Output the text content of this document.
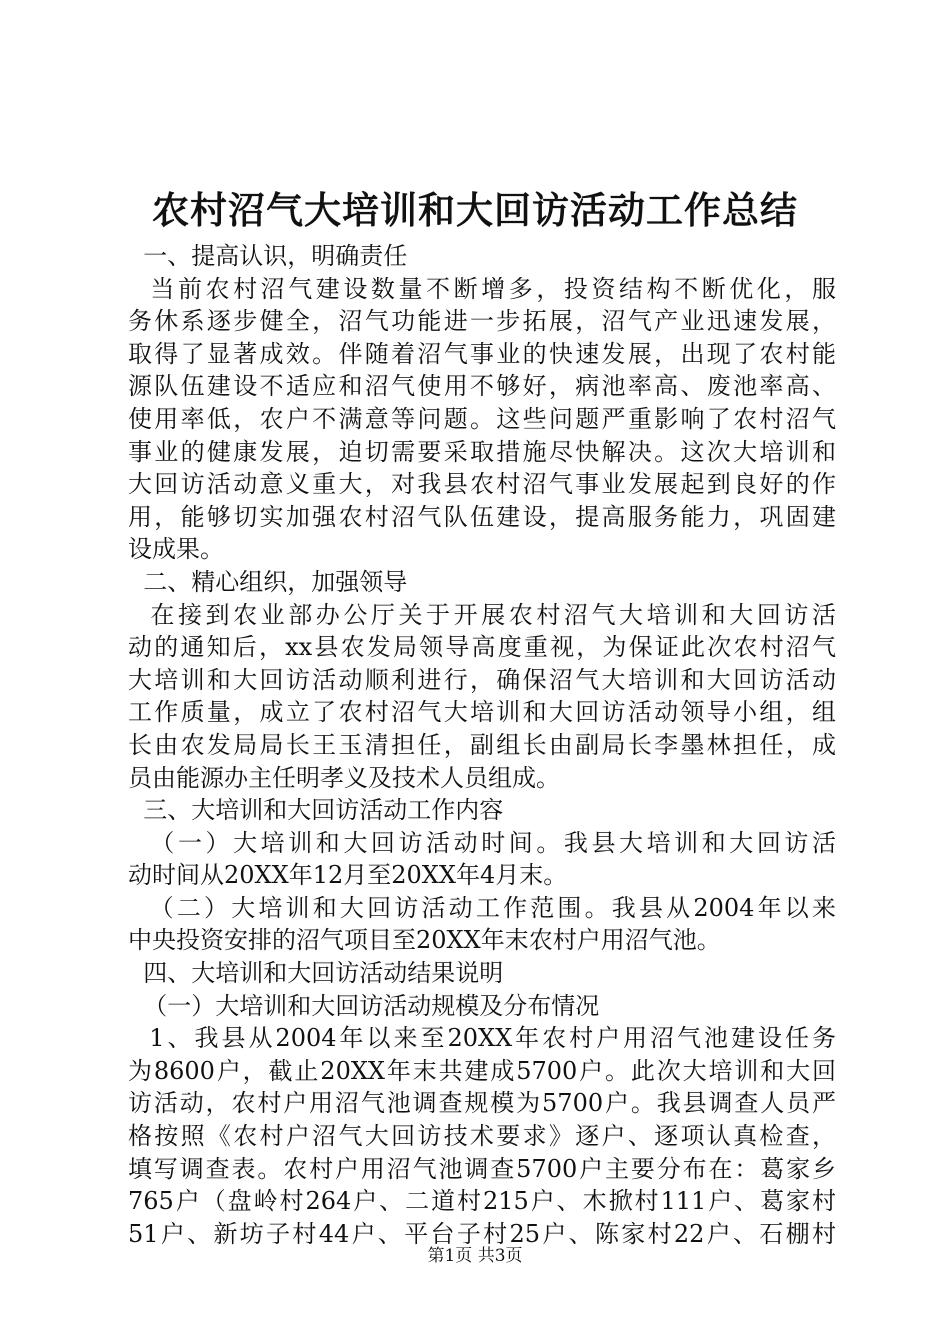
农村沼气大培训和大回访活动工作总结
一、提高认识，明确责任
当前农村沼气建设数量不断增多，投资结构不断优化，服
务休系逐步健全，沼气功能进一步拓展，沼气产业迅速发展，
取得了显著成效。伴随着沼气事业的快速发展，出现了农村能
源队伍建设不适应和沼气使用不够好，病池率高、废池率高、
使用率低，农户不满意等问题。这些问题严重影响了农村沼气
事业的健康发展，迫切需要采取措施尽快解决。这次大培训和
大回访活动意义重大，对我县农村沼气事业发展起到良好的作
用，能够切实加强农村沼气队伍建设，提高服务能力，巩固建
设成果。
二、精心组织，加强领导
在接到农业部办公厅关于开展农村沼气大培训和大回访活
动的通知后，xx县农发局领导高度重视，为保证此次农村沼气
大培训和大回访活动顺利进行，确保沼气大培训和大回访活动
工作质量，成立了农村沼气大培训和大回访活动领导小组，组
长由农发局局长王玉清担任，副组长由副局长李墨林担任，成
员由能源办主任明孝义及技术人员组成。
三、大培训和大回访活动工作内容
（一）大培训和大回访活动时间。我县大培训和大回访活
动时间从20XX年12月至20XX年4月末。
（二）大培训和大回访活动工作范围。我县从2004年以来
中央投资安排的沼气项目至20XX年末农村户用沼气池。
四、大培训和大回访活动结果说明
（一）大培训和大回访活动规模及分布情况
1、我县从2004年以来至20XX年农村户用沼气池建设任务
为8600户，截止20XX年末共建成5700户。此次大培训和大回
访活动，农村户用沼气池调查规模为5700户。我县调查人员严
格按照《农村户沼气大回访技术要求》逐户、逐项认真检查，
填写调查表。农村户用沼气池调查5700户主要分布在：葛家乡
765户（盘岭村264户、二道村215户、木掀村111户、葛家村
51户、新坊子村44户、平台子村25户、陈家村22户、石棚村
第1页 共3页
